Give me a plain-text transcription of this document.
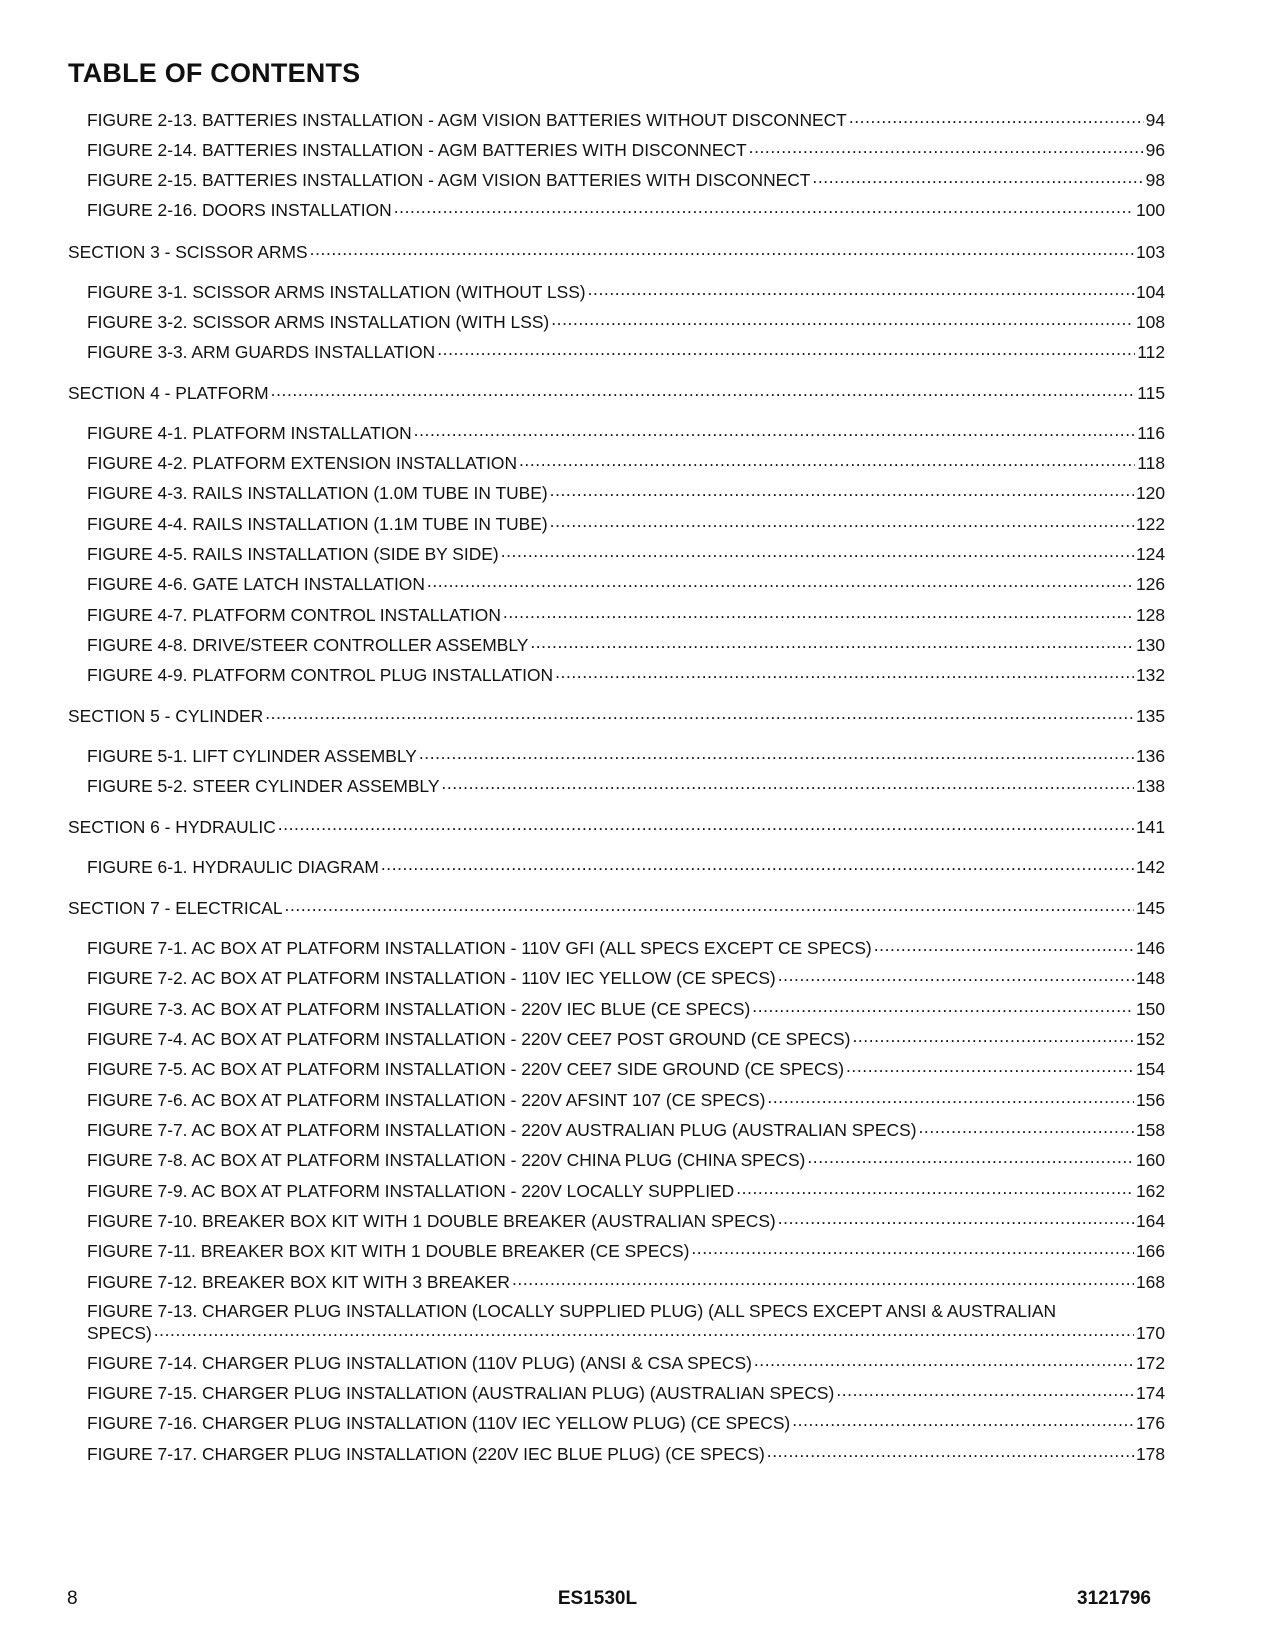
TABLE OF CONTENTS
FIGURE 2-13. BATTERIES INSTALLATION - AGM VISION BATTERIES WITHOUT DISCONNECT .....	94
FIGURE 2-14. BATTERIES INSTALLATION - AGM BATTERIES WITH DISCONNECT .....	96
FIGURE 2-15. BATTERIES INSTALLATION - AGM VISION BATTERIES WITH DISCONNECT .....	98
FIGURE 2-16. DOORS INSTALLATION .....	100
SECTION 3 - SCISSOR ARMS .....	103
FIGURE 3-1. SCISSOR ARMS INSTALLATION (WITHOUT LSS) .....	104
FIGURE 3-2. SCISSOR ARMS INSTALLATION (WITH LSS) .....	108
FIGURE 3-3. ARM GUARDS INSTALLATION .....	112
SECTION 4 - PLATFORM .....	115
FIGURE 4-1. PLATFORM INSTALLATION .....	116
FIGURE 4-2. PLATFORM EXTENSION INSTALLATION .....	118
FIGURE 4-3. RAILS INSTALLATION (1.0M TUBE IN TUBE) .....	120
FIGURE 4-4. RAILS INSTALLATION (1.1M TUBE IN TUBE) .....	122
FIGURE 4-5. RAILS INSTALLATION (SIDE BY SIDE) .....	124
FIGURE 4-6. GATE LATCH INSTALLATION .....	126
FIGURE 4-7. PLATFORM CONTROL INSTALLATION .....	128
FIGURE 4-8. DRIVE/STEER CONTROLLER ASSEMBLY .....	130
FIGURE 4-9. PLATFORM CONTROL PLUG INSTALLATION .....	132
SECTION 5 - CYLINDER .....	135
FIGURE 5-1. LIFT CYLINDER ASSEMBLY .....	136
FIGURE 5-2. STEER CYLINDER ASSEMBLY .....	138
SECTION 6 - HYDRAULIC .....	141
FIGURE 6-1. HYDRAULIC DIAGRAM .....	142
SECTION 7 - ELECTRICAL .....	145
FIGURE 7-1. AC BOX AT PLATFORM INSTALLATION - 110V GFI (ALL SPECS EXCEPT CE SPECS) .....	146
FIGURE 7-2. AC BOX AT PLATFORM INSTALLATION - 110V IEC YELLOW (CE SPECS) .....	148
FIGURE 7-3. AC BOX AT PLATFORM INSTALLATION - 220V IEC BLUE (CE SPECS) .....	150
FIGURE 7-4. AC BOX AT PLATFORM INSTALLATION - 220V CEE7 POST GROUND (CE SPECS) .....	152
FIGURE 7-5. AC BOX AT PLATFORM INSTALLATION - 220V CEE7 SIDE GROUND (CE SPECS) .....	154
FIGURE 7-6. AC BOX AT PLATFORM INSTALLATION - 220V AFSINT 107 (CE SPECS) .....	156
FIGURE 7-7. AC BOX AT PLATFORM INSTALLATION - 220V AUSTRALIAN PLUG (AUSTRALIAN SPECS) .....	158
FIGURE 7-8. AC BOX AT PLATFORM INSTALLATION - 220V CHINA PLUG (CHINA SPECS) .....	160
FIGURE 7-9. AC BOX AT PLATFORM INSTALLATION - 220V LOCALLY SUPPLIED .....	162
FIGURE 7-10. BREAKER BOX KIT WITH 1 DOUBLE BREAKER (AUSTRALIAN SPECS) .....	164
FIGURE 7-11. BREAKER BOX KIT WITH 1 DOUBLE BREAKER (CE SPECS) .....	166
FIGURE 7-12. BREAKER BOX KIT WITH 3 BREAKER .....	168
FIGURE 7-13. CHARGER PLUG INSTALLATION (LOCALLY SUPPLIED PLUG) (ALL SPECS EXCEPT ANSI & AUSTRALIAN
SPECS) .....	170
FIGURE 7-14. CHARGER PLUG INSTALLATION (110V PLUG) (ANSI & CSA SPECS) .....	172
FIGURE 7-15. CHARGER PLUG INSTALLATION (AUSTRALIAN PLUG) (AUSTRALIAN SPECS) .....	174
FIGURE 7-16. CHARGER PLUG INSTALLATION (110V IEC YELLOW PLUG) (CE SPECS) .....	176
FIGURE 7-17. CHARGER PLUG INSTALLATION (220V IEC BLUE PLUG) (CE SPECS) .....	178
8	ES1530L	3121796
